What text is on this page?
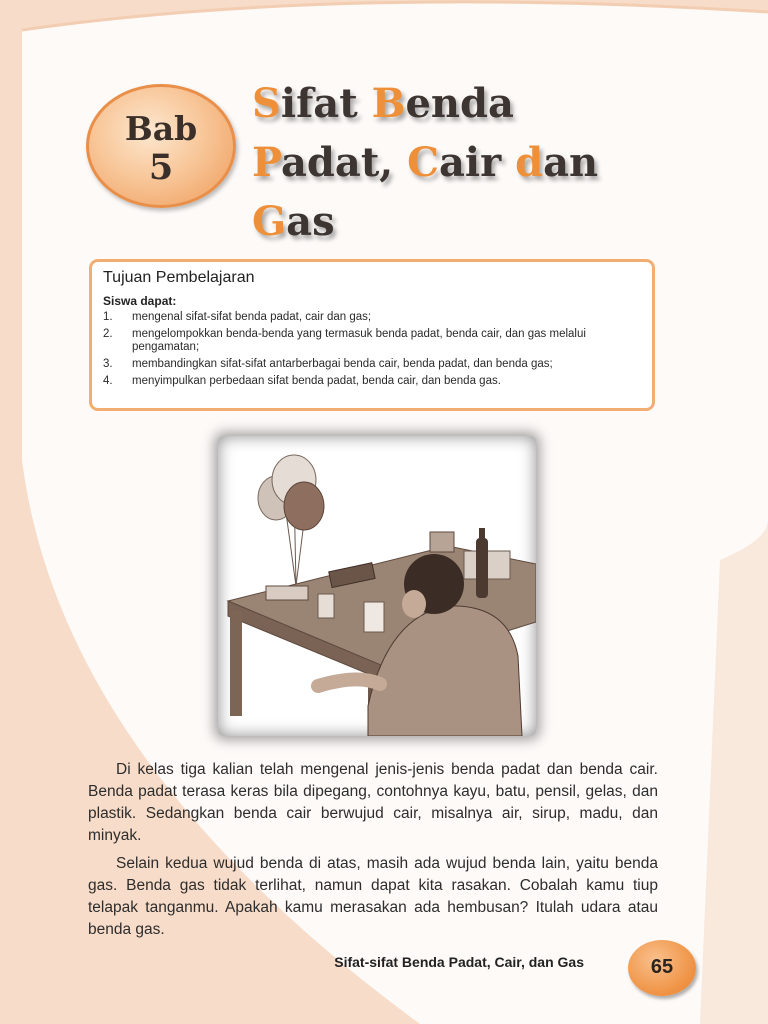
Bab
5
Sifat Benda
Padat, Cair dan
Gas
Tujuan Pembelajaran
Siswa dapat:
1. mengenal sifat-sifat benda padat, cair dan gas;
2. mengelompokkan benda-benda yang termasuk benda padat, benda cair, dan gas melalui pengamatan;
3. membandingkan sifat-sifat antarberbagai benda cair, benda padat, dan benda gas;
4. menyimpulkan perbedaan sifat benda padat, benda cair, dan benda gas.

Di kelas tiga kalian telah mengenal jenis-jenis benda padat dan benda cair. Benda padat terasa keras bila dipegang, contohnya kayu, batu, pensil, gelas, dan plastik. Sedangkan benda cair berwujud cair, misalnya air, sirup, madu, dan minyak.

Selain kedua wujud benda di atas, masih ada wujud benda lain, yaitu benda gas. Benda gas tidak terlihat, namun dapat kita rasakan. Cobalah kamu tiup telapak tanganmu. Apakah kamu merasakan ada hembusan? Itulah udara atau benda gas.

Sifat-sifat Benda Padat, Cair, dan Gas	65
